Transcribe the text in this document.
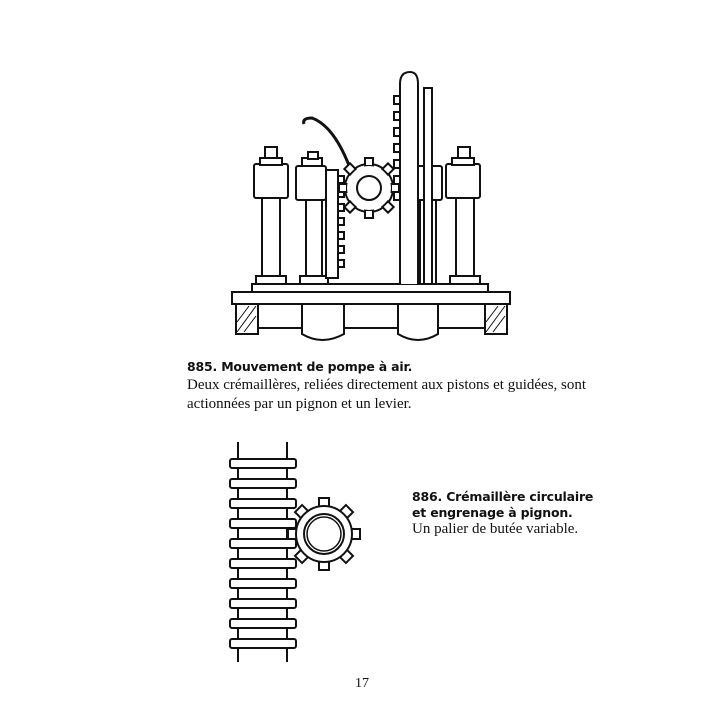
885. Mouvement de pompe à air.
Deux crémaillères, reliées directement aux pistons et guidées, sont
actionnées par un pignon et un levier.
886. Crémaillère circulaire
et engrenage à pignon.
Un palier de butée variable.
17
